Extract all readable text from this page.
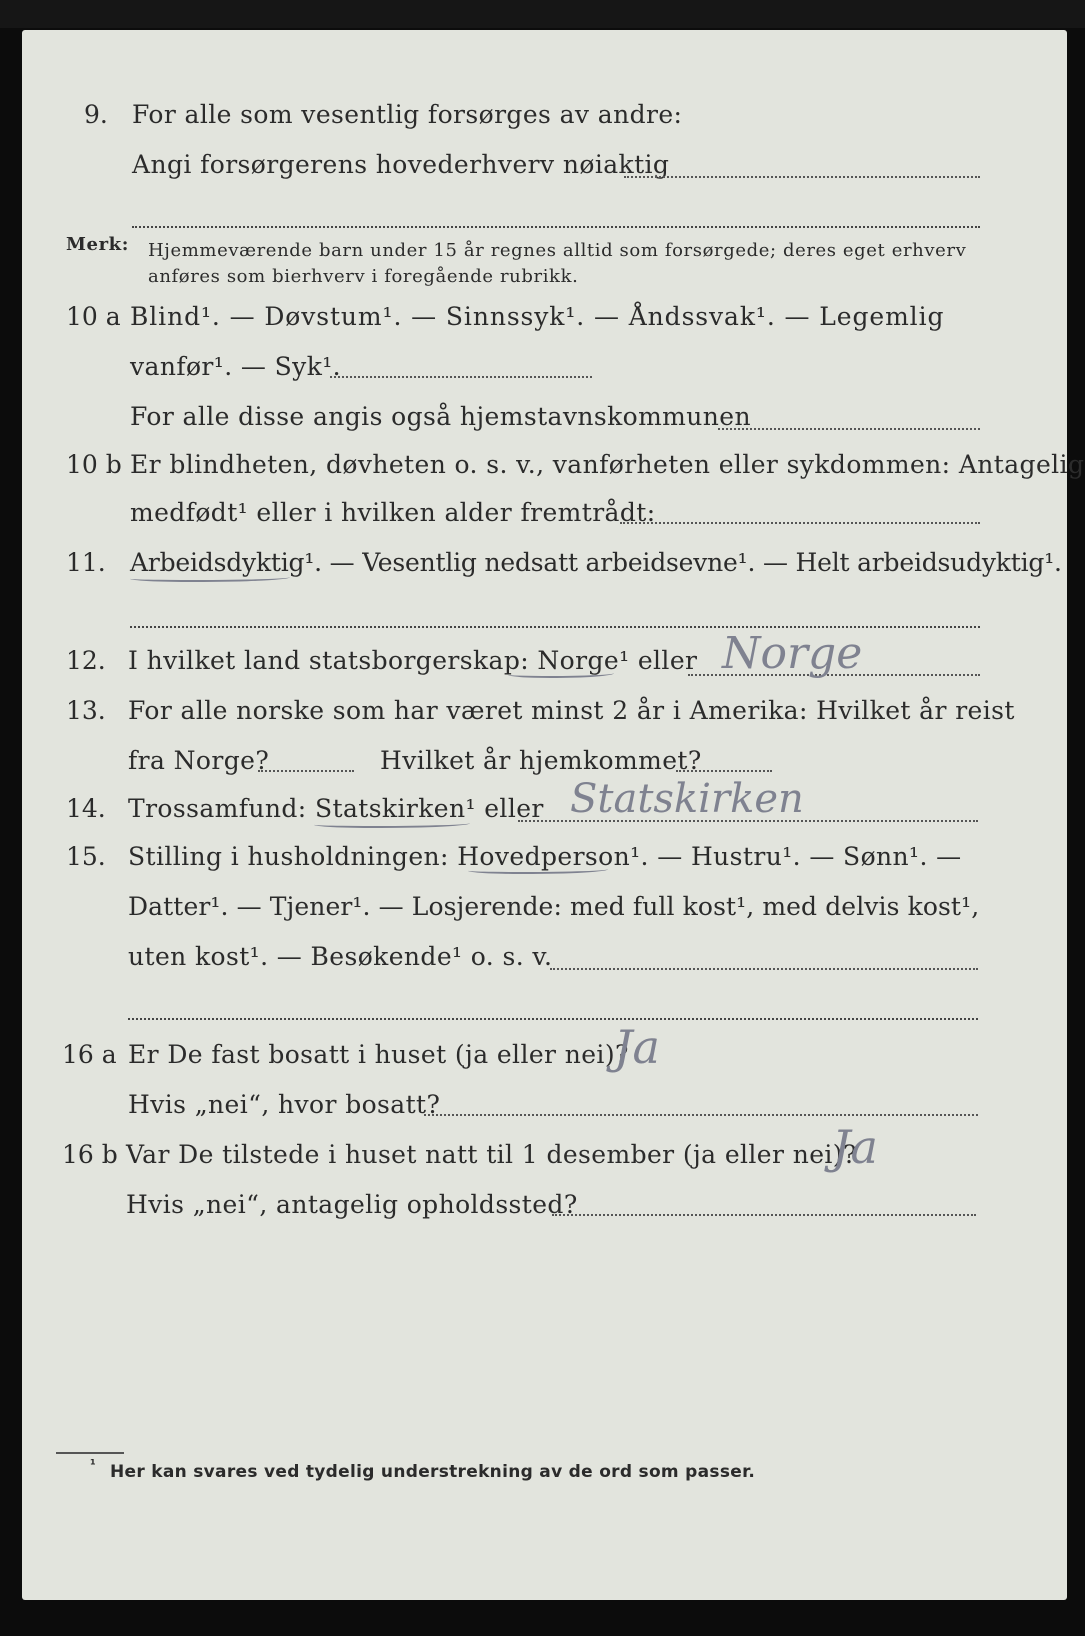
9. For alle som vesentlig forsørges av andre:
Angi forsørgerens hovederhverv nøiaktig
Merk: Hjemmeværende barn under 15 år regnes alltid som forsørgede; deres eget erhverv
anføres som bierhverv i foregående rubrikk.
10 a Blind¹. — Døvstum¹. — Sinnssyk¹. — Åndssvak¹. — Legemlig
vanfør¹. — Syk¹.
For alle disse angis også hjemstavnskommunen
10 b Er blindheten, døvheten o. s. v., vanførheten eller sykdommen: Antagelig
medfødt¹ eller i hvilken alder fremtrådt:
11. Arbeidsdyktig¹. — Vesentlig nedsatt arbeidsevne¹. — Helt arbeidsudyktig¹.
12. I hvilket land statsborgerskap: Norge¹ eller Norge
13. For alle norske som har været minst 2 år i Amerika: Hvilket år reist
fra Norge?	Hvilket år hjemkommet?
14. Trossamfund: Statskirken¹ eller Statskirken
15. Stilling i husholdningen: Hovedperson¹. — Hustru¹. — Sønn¹. —
Datter¹. — Tjener¹. — Losjerende: med full kost¹, med delvis kost¹,
uten kost¹. — Besøkende¹ o. s. v.
16 a Er De fast bosatt i huset (ja eller nei)?
Ja
Hvis „nei“, hvor bosatt?
16 b Var De tilstede i huset natt til 1 desember (ja eller nei)?
Ja
Hvis „nei“, antagelig opholdssted?
¹ Her kan svares ved tydelig understrekning av de ord som passer.
